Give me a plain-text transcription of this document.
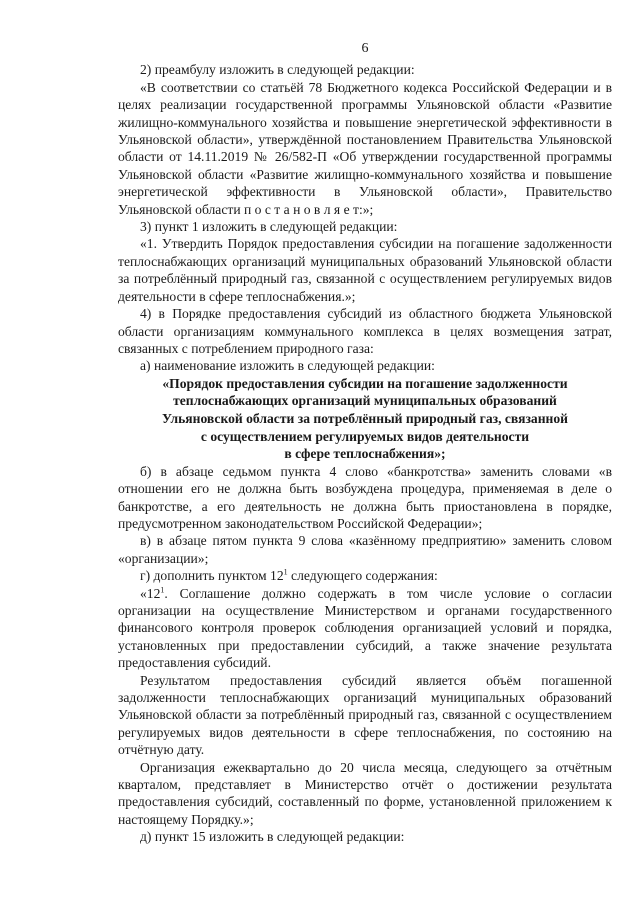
6

2) преамбулу изложить в следующей редакции:

«В соответствии со статьёй 78 Бюджетного кодекса Российской Федерации и в целях реализации государственной программы Ульяновской области «Развитие жилищно-коммунального хозяйства и повышение энергетической эффективности в Ульяновской области», утверждённой постановлением Правительства Ульяновской области от 14.11.2019 № 26/582-П «Об утверждении государственной программы Ульяновской области «Развитие жилищно-коммунального хозяйства и повышение энергетической эффективности в Ульяновской области», Правительство Ульяновской области п о с т а н о в л я е т:»;

3) пункт 1 изложить в следующей редакции:

«1. Утвердить Порядок предоставления субсидии на погашение задолженности теплоснабжающих организаций муниципальных образований Ульяновской области за потреблённый природный газ, связанной с осуществлением регулируемых видов деятельности в сфере теплоснабжения.»;

4) в Порядке предоставления субсидий из областного бюджета Ульяновской области организациям коммунального комплекса в целях возмещения затрат, связанных с потреблением природного газа:

а) наименование изложить в следующей редакции:

«Порядок предоставления субсидии на погашение задолженности
теплоснабжающих организаций муниципальных образований
Ульяновской области за потреблённый природный газ, связанной
с осуществлением регулируемых видов деятельности
в сфере теплоснабжения»;

б) в абзаце седьмом пункта 4 слово «банкротства» заменить словами «в отношении его не должна быть возбуждена процедура, применяемая в деле о банкротстве, а его деятельность не должна быть приостановлена в порядке, предусмотренном законодательством Российской Федерации»;

в) в абзаце пятом пункта 9 слова «казённому предприятию» заменить словом «организации»;

г) дополнить пунктом $12^1$ следующего содержания:

«$12^1$. Соглашение должно содержать в том числе условие о согласии организации на осуществление Министерством и органами государственного финансового контроля проверок соблюдения организацией условий и порядка, установленных при предоставлении субсидий, а также значение результата предоставления субсидий.

Результатом предоставления субсидий является объём погашенной задолженности теплоснабжающих организаций муниципальных образований Ульяновской области за потреблённый природный газ, связанной с осуществлением регулируемых видов деятельности в сфере теплоснабжения, по состоянию на отчётную дату.

Организация ежеквартально до 20 числа месяца, следующего за отчётным кварталом, представляет в Министерство отчёт о достижении результата предоставления субсидий, составленный по форме, установленной приложением к настоящему Порядку.»;

д) пункт 15 изложить в следующей редакции:
